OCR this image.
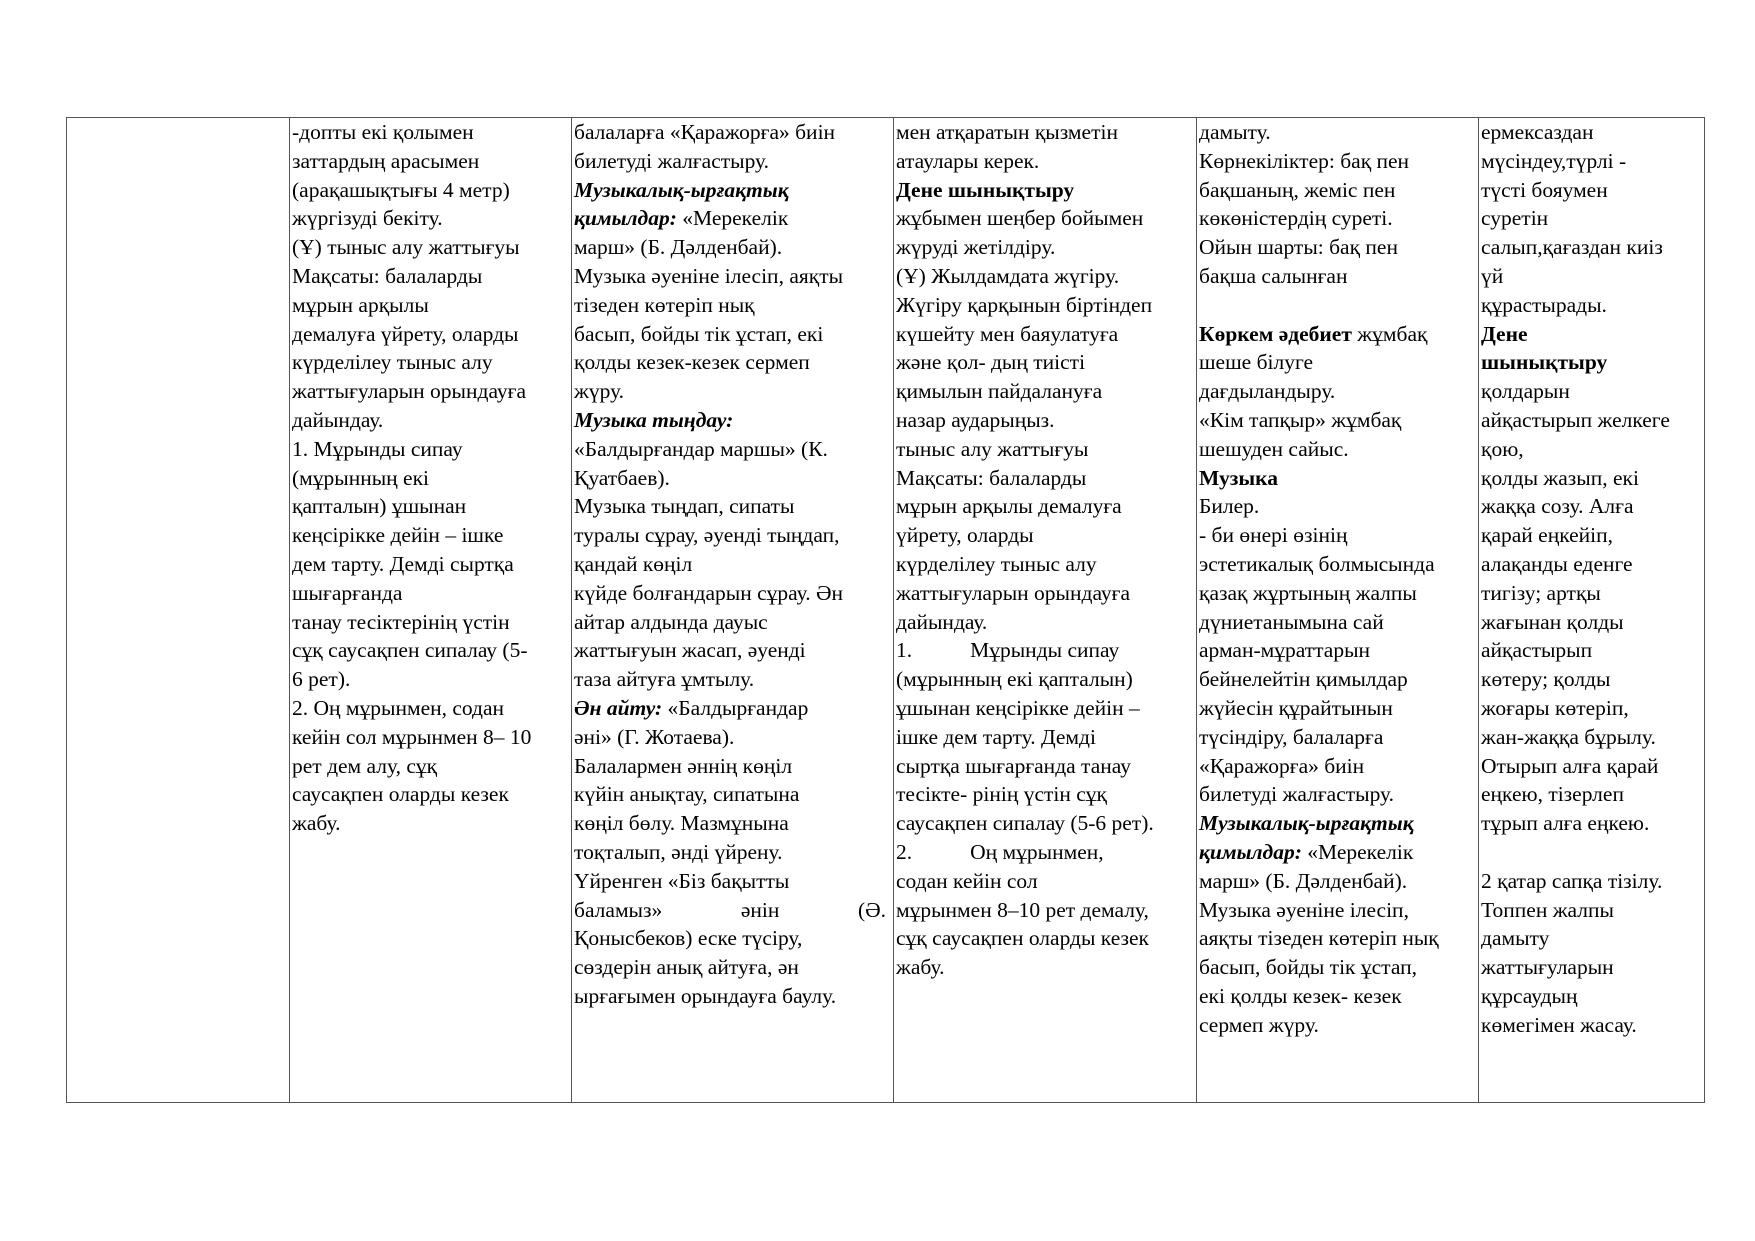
-допты екі қолымен
заттардың арасымен
(арақашықтығы 4 метр)
жүргізуді бекіту.
(Ұ) тыныс алу жаттығуы
Мақсаты: балаларды
мұрын арқылы
демалуға үйрету, оларды
күрделілеу тыныс алу
жаттығуларын орындауға
дайындау.
1. Мұрынды сипау
(мұрынның екі
қапталын) ұшынан
кеңсірікке дейін – ішке
дем тарту. Демді сыртқа
шығарғанда
танау тесіктерінің үстін
сұқ саусақпен сипалау (5-
6 рет).
2. Оң мұрынмен, содан
кейін сол мұрынмен 8– 10
рет дем алу, сұқ
саусақпен оларды кезек
жабу.

балаларға «Қаражорға» биін
билетуді жалғастыру.
Музыкалық-ырғақтық
қимылдар: «Мерекелік
марш» (Б. Дәлденбай).
Музыка әуеніне ілесіп, аяқты
тізеден көтеріп нық
басып, бойды тік ұстап, екі
қолды кезек-кезек сермеп
жүру.
Музыка тыңдау:
«Балдырғандар маршы» (К.
Қуатбаев).
Музыка тыңдап, сипаты
туралы сұрау, әуенді тыңдап,
қандай көңіл
күйде болғандарын сұрау. Ән
айтар алдында дауыс
жаттығуын жасап, әуенді
таза айтуға ұмтылу.
Ән айту: «Балдырғандар
әні» (Г. Жотаева).
Балалармен әннің көңіл
күйін анықтау, сипатына
көңіл бөлу. Мазмұнына
тоқталып, әнді үйрену.
Үйренген «Біз бақытты
баламыз»	әнін	(Ә.
Қонысбеков) еске түсіру,
сөздерін анық айтуға, ән
ырғағымен орындауға баулу.

мен атқаратын қызметін
атаулары керек.
Дене шынықтыру
жұбымен шеңбер бойымен
жүруді жетілдіру.
(Ұ) Жылдамдата жүгіру.
Жүгіру қарқынын біртіндеп
күшейту мен баяулатуға
және қол- дың тиісті
қимылын пайдалануға
назар аударыңыз.
тыныс алу жаттығуы
Мақсаты: балаларды
мұрын арқылы демалуға
үйрету, оларды
күрделілеу тыныс алу
жаттығуларын орындауға
дайындау.
1.	Мұрынды сипау
(мұрынның екі қапталын)
ұшынан кеңсірікке дейін –
ішке дем тарту. Демді
сыртқа шығарғанда танау
тесікте- рінің үстін сұқ
саусақпен сипалау (5-6 рет).
2.	Оң мұрынмен,
содан кейін сол
мұрынмен 8–10 рет демалу,
сұқ саусақпен оларды кезек
жабу.

дамыту.
Көрнекіліктер: бақ пен
бақшаның, жеміс пен
көкөністердің суреті.
Ойын шарты: бақ пен
бақша салынған
Көркем әдебиет жұмбақ
шеше білуге
дағдыландыру.
«Кім тапқыр» жұмбақ
шешуден сайыс.
Музыка
Билер.
- би өнері өзінің
эстетикалық болмысында
қазақ жұртының жалпы
дүниетанымына сай
арман-мұраттарын
бейнелейтін қимылдар
жүйесін құрайтынын
түсіндіру, балаларға
«Қаражорға» биін
билетуді жалғастыру.
Музыкалық-ырғақтық
қимылдар: «Мерекелік
марш» (Б. Дәлденбай).
Музыка әуеніне ілесіп,
аяқты тізеден көтеріп нық
басып, бойды тік ұстап,
екі қолды кезек- кезек
сермеп жүру.

ермексаздан
мүсіндеу,түрлі -
түсті бояумен
суретін
салып,қағаздан киіз
үй
құрастырады.
Дене
шынықтыру
қолдарын
айқастырып желкеге
қою,
қолды жазып, екі
жаққа созу. Алға
қарай еңкейіп,
алақанды еденге
тигізу; артқы
жағынан қолды
айқастырып
көтеру; қолды
жоғары көтеріп,
жан-жаққа бұрылу.
Отырып алға қарай
еңкею, тізерлеп
тұрып алға еңкею.
2 қатар сапқа тізілу.
Топпен жалпы
дамыту
жаттығуларын
құрсаудың
көмегімен жасау.
